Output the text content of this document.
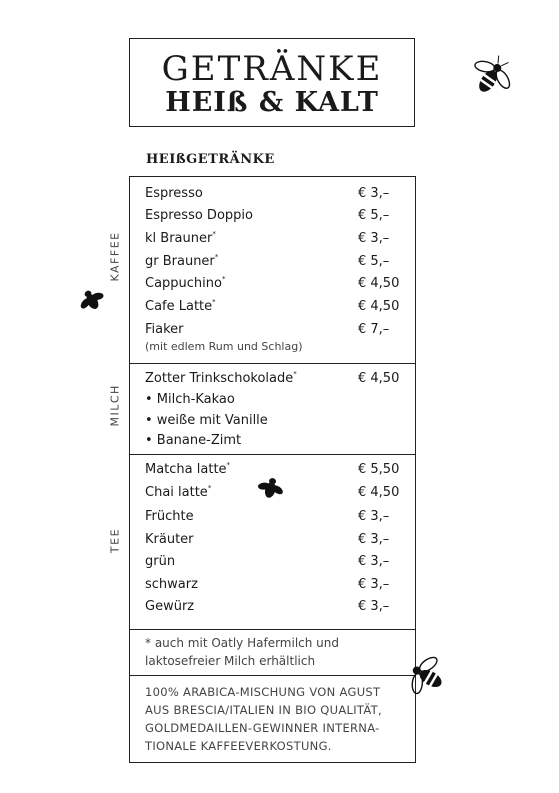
GETRÄNKE
HEIß & KALT
HEIßGETRÄNKE
KAFFEE
MILCH
TEE
Espresso	€ 3,–
Espresso Doppio	€ 5,–
kl Brauner*	€ 3,–
gr Brauner*	€ 5,–
Cappuchino*	€ 4,50
Cafe Latte*	€ 4,50
Fiaker	€ 7,–
(mit edlem Rum und Schlag)
Zotter Trinkschokolade*	€ 4,50
• Milch-Kakao
• weiße mit Vanille
• Banane-Zimt
Matcha latte*	€ 5,50
Chai latte*	€ 4,50
Früchte	€ 3,–
Kräuter	€ 3,–
grün	€ 3,–
schwarz	€ 3,–
Gewürz	€ 3,–
* auch mit Oatly Hafermilch und
laktosefreier Milch erhältlich
100% ARABICA-MISCHUNG VON AGUST
AUS BRESCIA/ITALIEN IN BIO QUALITÄT,
GOLDMEDAILLEN-GEWINNER INTERNA-
TIONALE KAFFEEVERKOSTUNG.
